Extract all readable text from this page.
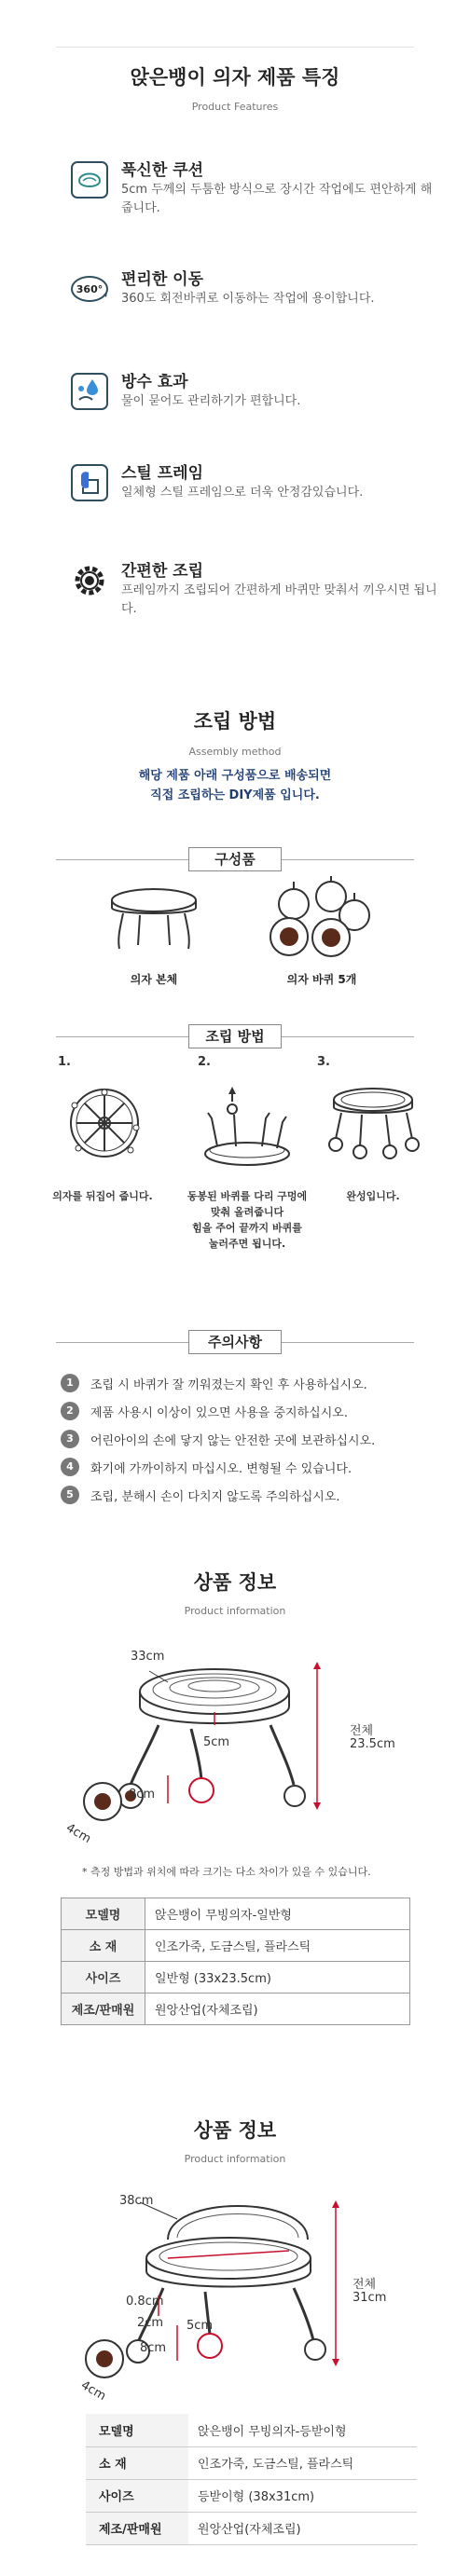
앉은뱅이 의자 제품 특징
Product Features
푹신한 쿠션
5cm 두께의 두툼한 방식으로 장시간 작업에도 편안하게 해줍니다.
360°
편리한 이동
360도 회전바퀴로 이동하는 작업에 용이합니다.
방수 효과
물이 묻어도 관리하기가 편합니다.
스틸 프레임
일체형 스틸 프레임으로 더욱 안정감있습니다.
간편한 조립
프레임까지 조립되어 간편하게 바퀴만 맞춰서 끼우시면 됩니다.
조립 방법
Assembly method
해당 제품 아래 구성품으로 배송되면
직접 조립하는 DIY제품 입니다.
구성품
의자 본체	의자 바퀴 5개
조립 방법
1.
의자를 뒤집어 줍니다.
2.
동봉된 바퀴를 다리 구멍에
맞춰 올려줍니다
힘을 주어 끝까지 바퀴를
눌러주면 됩니다.
3.
완성입니다.
주의사항
1	조립 시 바퀴가 잘 끼워졌는지 확인 후 사용하십시오.
2	제품 사용시 이상이 있으면 사용을 중지하십시오.
3	어린아이의 손에 닿지 않는 안전한 곳에 보관하십시오.
4	화기에 가까이하지 마십시오. 변형될 수 있습니다.
5	조립, 분해시 손이 다치지 않도록 주의하십시오.
상품 정보
Product information
33cm
전체
23.5cm
5cm
8cm
4cm
* 측정 방법과 위치에 따라 크기는 다소 차이가 있을 수 있습니다.
모델명	앉은뱅이 무빙의자-일반형
소 재	인조가죽, 도금스틸, 플라스틱
사이즈	일반형 (33x23.5cm)
제조/판매원	원앙산업(자체조립)
상품 정보
Product information
38cm
전체
31cm
0.8cm
2cm 5cm
8cm
4cm
모델명	앉은뱅이 무빙의자-등받이형
소 재	인조가죽, 도금스틸, 플라스틱
사이즈	등받이형 (38x31cm)
제조/판매원	원앙산업(자체조립)
